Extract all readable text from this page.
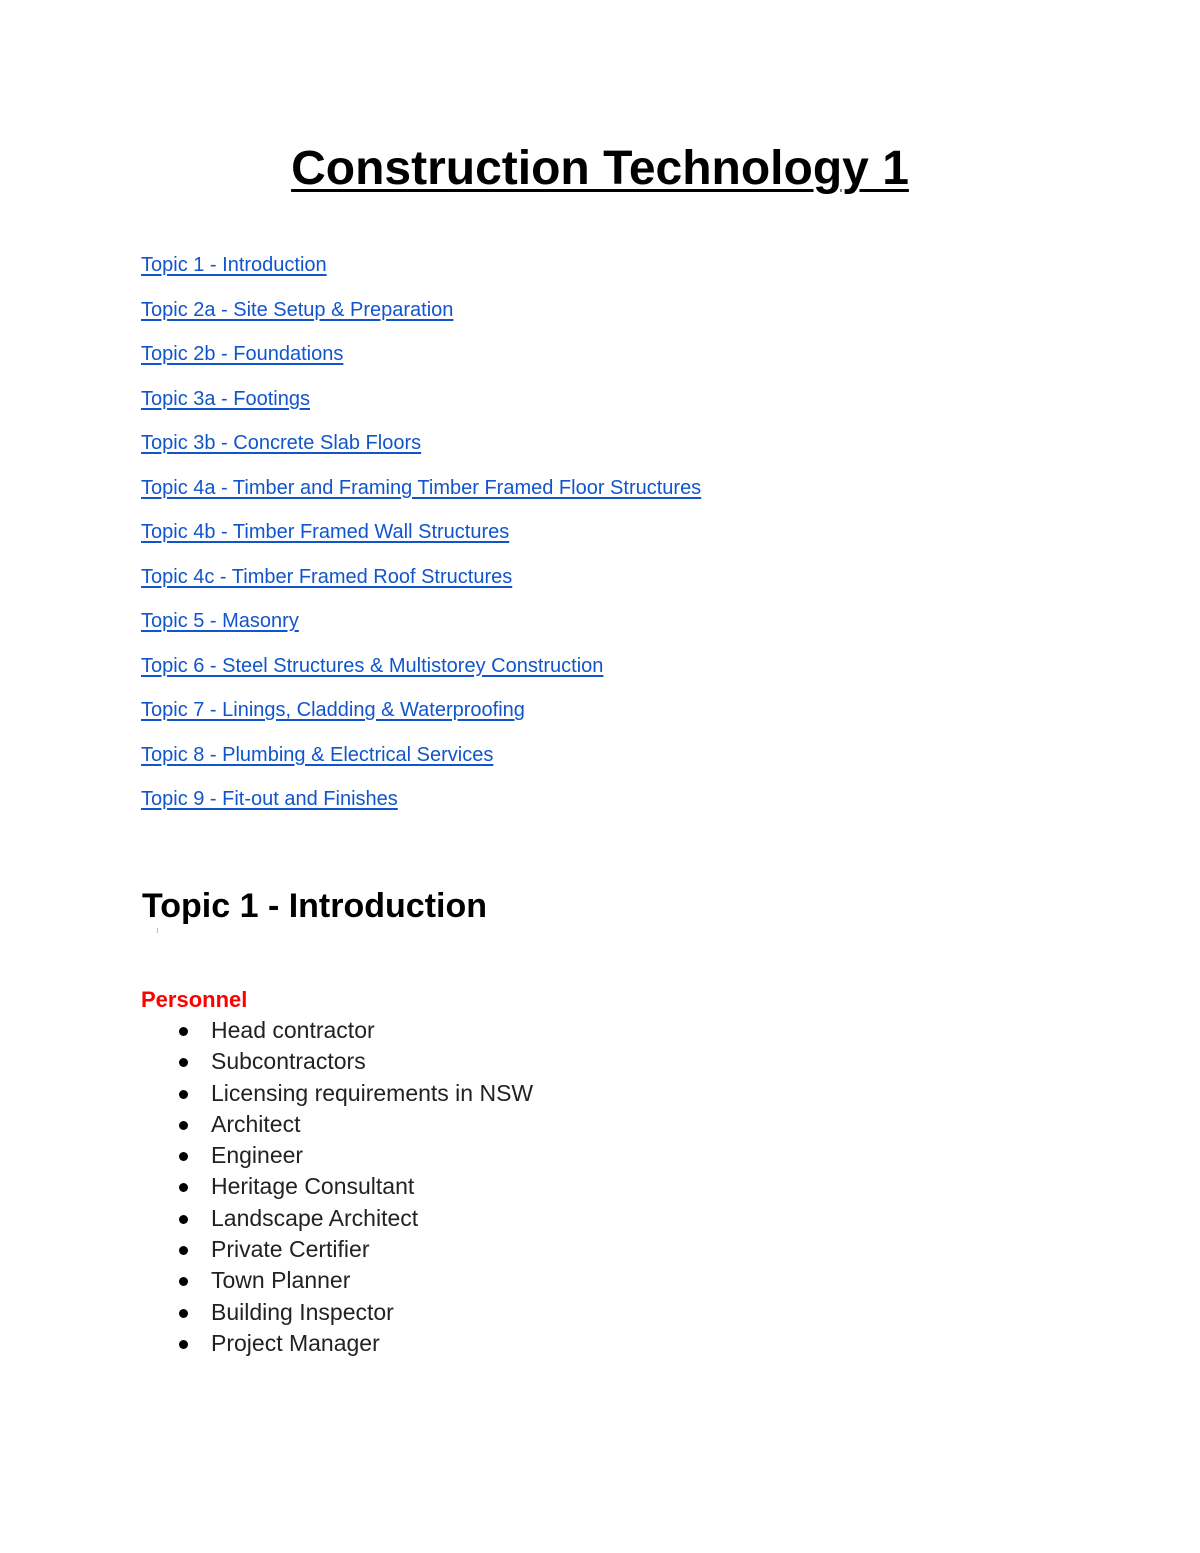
Construction Technology 1
Topic 1 - Introduction
Topic 2a - Site Setup & Preparation
Topic 2b - Foundations
Topic 3a - Footings
Topic 3b - Concrete Slab Floors
Topic 4a - Timber and Framing Timber Framed Floor Structures
Topic 4b - Timber Framed Wall Structures
Topic 4c - Timber Framed Roof Structures
Topic 5 - Masonry
Topic 6 - Steel Structures & Multistorey Construction
Topic 7 - Linings, Cladding & Waterproofing
Topic 8 - Plumbing & Electrical Services
Topic 9 - Fit-out and Finishes
Topic 1 - Introduction
Personnel
Head contractor
Subcontractors
Licensing requirements in NSW
Architect
Engineer
Heritage Consultant
Landscape Architect
Private Certifier
Town Planner
Building Inspector
Project Manager
